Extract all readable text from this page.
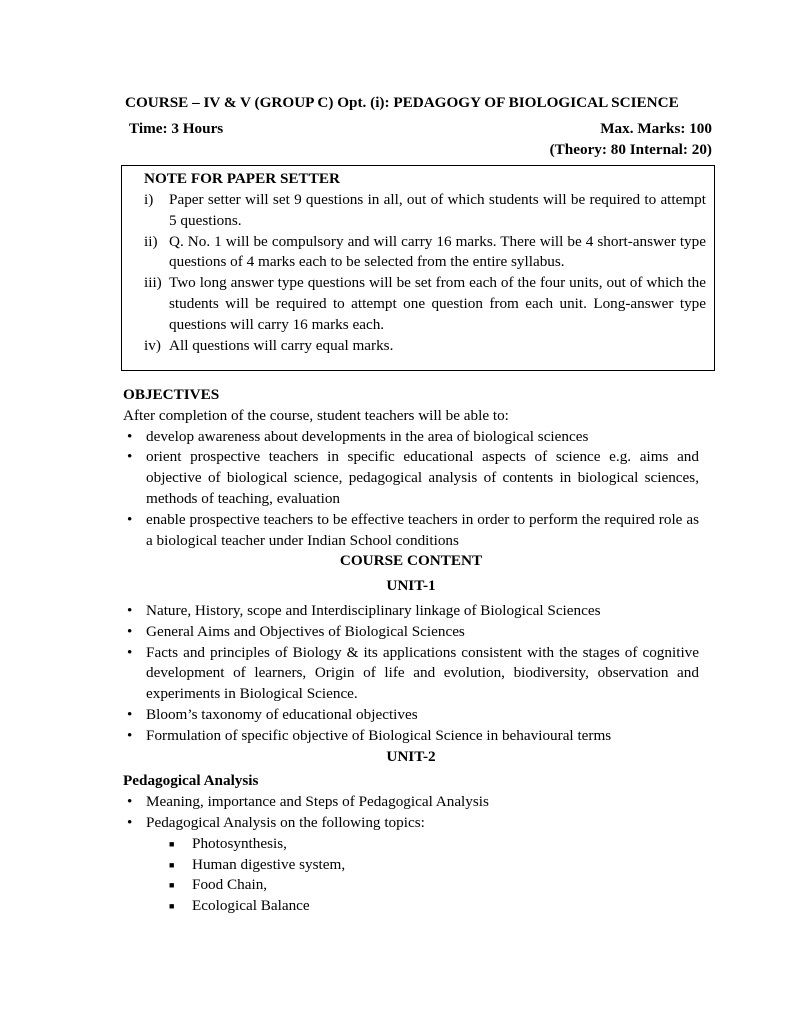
COURSE – IV & V (GROUP C) Opt. (i): PEDAGOGY OF BIOLOGICAL SCIENCE
Time: 3 Hours	Max. Marks: 100
(Theory: 80 Internal: 20)
NOTE FOR PAPER SETTER
i)	Paper setter will set 9 questions in all, out of which students will be required to attempt 5 questions.
ii) Q. No. 1 will be compulsory and will carry 16 marks. There will be 4 short-answer type questions of 4 marks each to be selected from the entire syllabus.
iii) Two long answer type questions will be set from each of the four units, out of which the students will be required to attempt one question from each unit. Long-answer type questions will carry 16 marks each.
iv) All questions will carry equal marks.
OBJECTIVES
After completion of the course, student teachers will be able to:
• develop awareness about developments in the area of biological sciences
• orient prospective teachers in specific educational aspects of science e.g. aims and objective of biological science, pedagogical analysis of contents in biological sciences, methods of teaching, evaluation
• enable prospective teachers to be effective teachers in order to perform the required role as a biological teacher under Indian School conditions
COURSE CONTENT
UNIT-1
• Nature, History, scope and Interdisciplinary linkage of Biological Sciences
• General Aims and Objectives of Biological Sciences
• Facts and principles of Biology & its applications consistent with the stages of cognitive development of learners, Origin of life and evolution, biodiversity, observation and experiments in Biological Science.
• Bloom’s taxonomy of educational objectives
• Formulation of specific objective of Biological Science in behavioural terms
UNIT-2
Pedagogical Analysis
• Meaning, importance and Steps of Pedagogical Analysis
• Pedagogical Analysis on the following topics:
■	Photosynthesis,
■	Human digestive system,
■	Food Chain,
■	Ecological Balance
